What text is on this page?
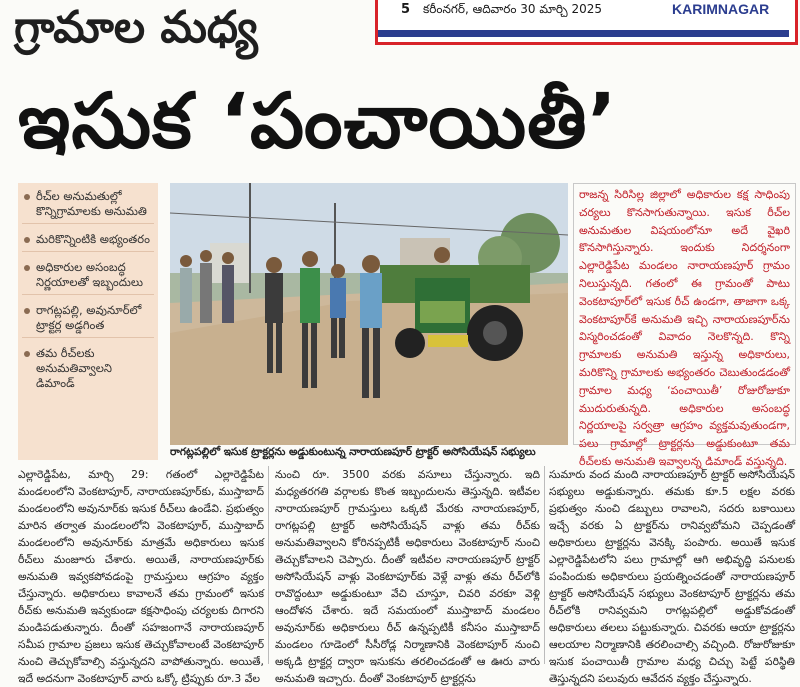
5 కరీంనగర్, ఆదివారం 30 మార్చి 2025	KARIMNAGAR
గ్రామాల మధ్య
ఇసుక ‘పంచాయితీ’
రీచ్‌ల అనుమతుల్లో కొన్నిగ్రామాలకు అనుమతి
మరికొన్నింటికి అభ్యంతరం
అధికారుల అసంబద్ధ నిర్ణయాలతో ఇబ్బందులు
రాగట్లపల్లి, అవునూర్‌లో ట్రాక్టర్ల అడ్డగింత
తమ రీచ్‌లకు అనుమతివ్వాలని డిమాండ్
రాగట్లపల్లిలో ఇసుక ట్రాక్టర్లను అడ్డుకుంటున్న నారాయణపూర్ ట్రాక్టర్ అసోసియేషన్ సభ్యులు

రాజన్న సిరిసిల్ల జిల్లాలో అధికారుల కక్ష సాధింపు చర్యలు కొనసాగుతున్నాయి. ఇసుక రీచ్‌ల అనుమతుల విషయంలోనూ అదే వైఖరి కొనసాగిస్తున్నారు. ఇందుకు నిదర్శనంగా ఎల్లారెడ్డిపేట మండలం నారాయణపూర్ గ్రామం నిలుస్తున్నది. గతంలో ఈ గ్రామంతో పాటు వెంకటాపూర్‌లో ఇసుక రీచ్ ఉండగా, తాజాగా ఒక్క వెంకటాపూర్‌కే అనుమతి ఇచ్చి నారాయణపూర్‌ను విస్మరించడంతో వివాదం నెలకొన్నది. కొన్ని గ్రామాలకు అనుమతి ఇస్తున్న అధికారులు, మరికొన్ని గ్రామాలకు అభ్యంతరం చెబుతుండడంతో గ్రామాల మధ్య ‘పంచాయితీ’ రోజురోజుకూ ముదురుతున్నది. అధికారుల అసంబద్ధ నిర్ణయాలపై సర్వత్రా ఆగ్రహం వ్యక్తమవుతుండగా, పలు గ్రామాల్లో ట్రాక్టర్లను అడ్డుకుంటూ తమ రీచ్‌లకు అనుమతి ఇవ్వాలన్న డిమాండ్ వస్తున్నది.

ఎల్లారెడ్డిపేట, మార్చి 29: గతంలో ఎల్లారెడ్డిపేట మండలంలోని వెంకటాపూర్, నారాయణపూర్‌కు, ముస్తాబాద్ మండలంలోని అవునూర్‌కు ఇసుక రీచ్‌లు ఉండేవి. ప్రభుత్వం మారిన తర్వాత మండలంలోని వెంకటాపూర్, ముస్తాబాద్ మండలంలోని అవునూర్‌కు మాత్రమే అధికారులు ఇసుక రీచ్‌లు మంజూరు చేశారు. అయితే, నారాయణపూర్‌కు అనుమతి ఇవ్వకపోవడంపై గ్రామస్తులు ఆగ్రహం వ్యక్తం చేస్తున్నారు. అధికారులు కావాలనే తమ గ్రామంలో ఇసుక రీచ్‌కు అనుమతి ఇవ్వకుండా కక్షసాధింపు చర్యలకు దిగారని మండిపడుతున్నారు. దీంతో సహజంగానే నారాయణపూర్ సమీప గ్రామాల ప్రజలు ఇసుక తెచ్చుకోవాలంటే వెంకటాపూర్ నుంచి తెచ్చుకోవాల్సి వస్తున్నదని వాపోతున్నారు. అయితే, ఇదే అదనుగా వెంకటాపూర్ వారు ఒక్కో ట్రిప్పుకు రూ.3 వేల

నుంచి రూ. 3500 వరకు వసూలు చేస్తున్నారు. ఇది మధ్యతరగతి వర్గాలకు కొంత ఇబ్బందులను తెస్తున్నది. ఇటీవల నారాయణపూర్ గ్రామస్తులు ఒక్కటి మేరకు నారాయణపూర్, రాగట్లపల్లి ట్రాక్టర్ అసోసియేషన్ వాళ్లు తమ రీచ్‌కు అనుమతివ్వాలని కోరినప్పటికీ అధికారులు వెంకటాపూర్ నుంచి తెచ్చుకోవాలని చెప్పారు. దీంతో ఇటీవల నారాయణపూర్ ట్రాక్టర్ అసోసియేషన్ వాళ్లు వెంకటాపూర్‌కు వెళ్లే వాళ్లు తమ రీచ్‌లోకి రావొద్దంటూ అడ్డుకుంటూ వేచి చూస్తూ, చివరి వరకూ వెళ్లి ఆందోళన చేశారు. ఇదే సమయంలో ముస్తాబాద్ మండలం అవునూర్‌కు అధికారులు రీచ్ ఉన్నప్పటికీ కనీసం ముస్తాబాద్ మండలం గూడెంలో సీసీరోడ్ల నిర్మాణానికి వెంకటాపూర్ నుంచి అక్కడి ట్రాక్టర్ల ద్వారా ఇసుకను తరలించడంతో ఆ ఊరు వారు అనుమతి ఇచ్చారు. దీంతో వెంకటాపూర్ ట్రాక్టర్లను

సుమారు వంద మంది నారాయణపూర్ ట్రాక్టర్ అసోసియేషన్ సభ్యులు అడ్డుకున్నారు. తమకు కూ.5 లక్షల వరకు ప్రభుత్వం నుంచి డబ్బులు రావాలని, సదరు బకాయిలు ఇచ్చే వరకు ఏ ట్రాక్టర్‌ను రానివ్వబోమని చెప్పడంతో అధికారులు ట్రాక్టర్లను వెనక్కి పంపారు. అయితే ఇసుక ఎల్లారెడ్డిపేటలోని పలు గ్రామాల్లో ఆగి అభివృద్ధి పనులకు పంపిందుకు అధికారులు ప్రయత్నించడంతో నారాయణపూర్ ట్రాక్టర్ అసోసియేషన్ సభ్యులు వెంకటాపూర్ ట్రాక్టర్లను తమ రీచ్‌లోకి రానివ్వమని రాగట్లపల్లిలో అడ్డుకోవడంతో అధికారులు తలలు పట్టుకున్నారు. చివరకు ఆయా ట్రాక్టర్లను ఆలయాల నిర్మాణానికి తరలించాల్సి వచ్చింది. రోజురోజుకూ ఇసుక పంచాయితీ గ్రామాల మధ్య చిచ్చు పెట్టే పరిస్థితి తెస్తున్నదని పలువురు ఆవేదన వ్యక్తం చేస్తున్నారు.
